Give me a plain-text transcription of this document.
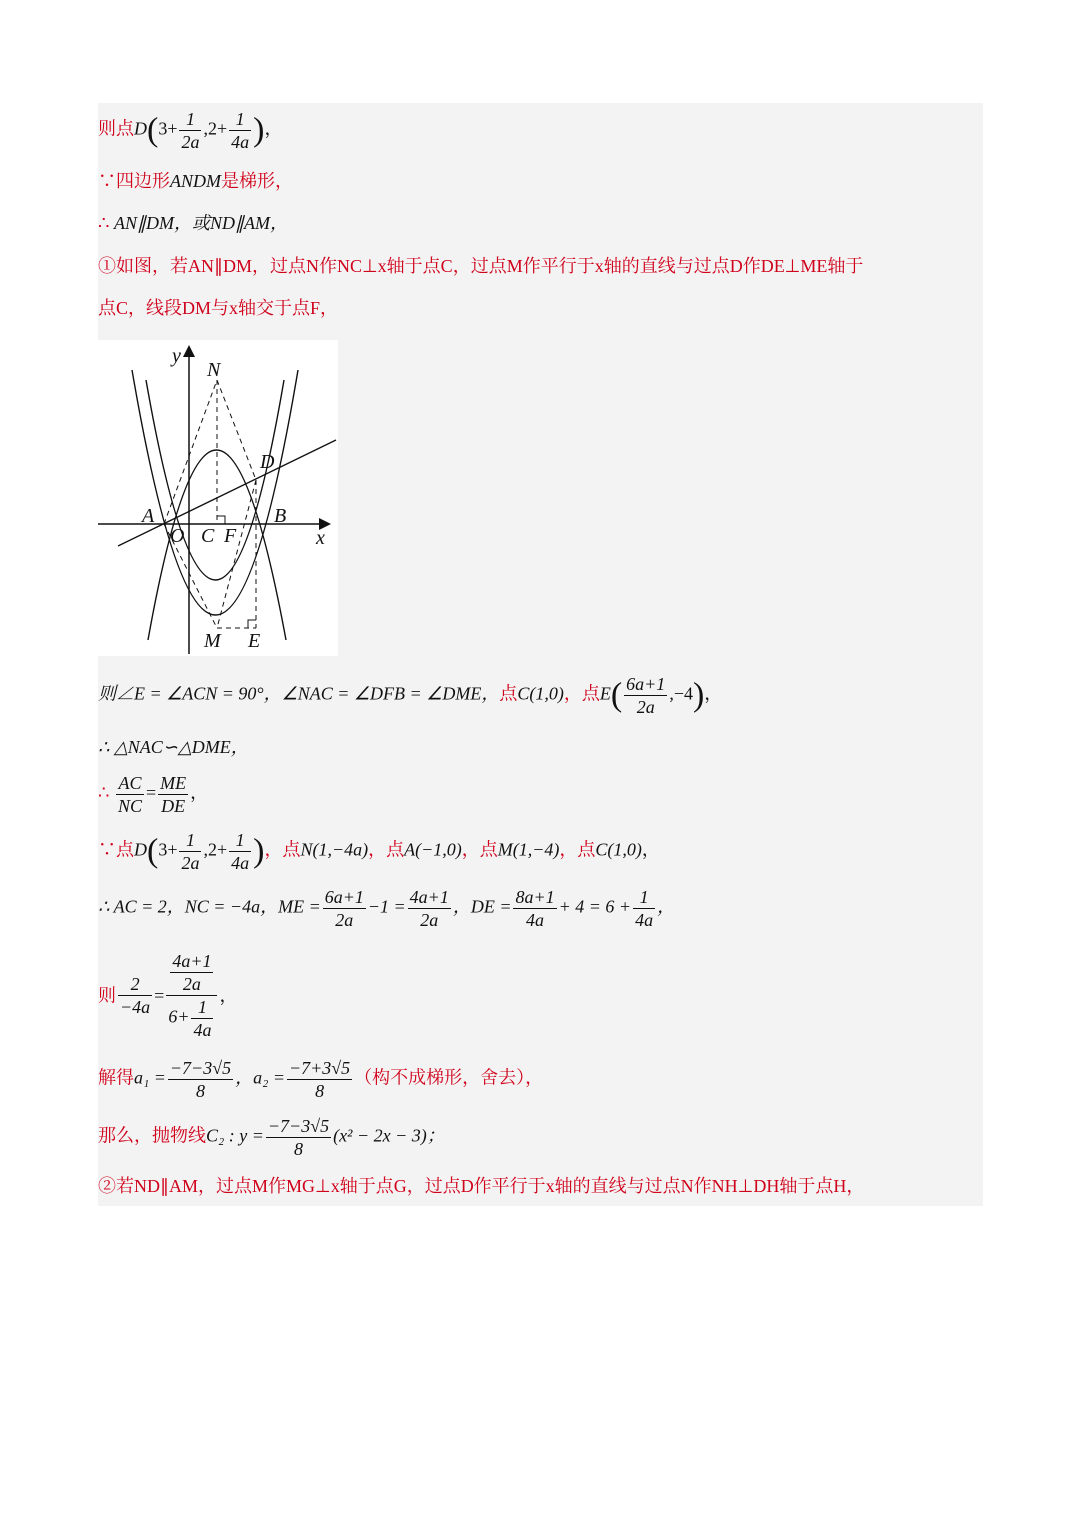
则点$D(3+ \frac{1}{2a} ,2+ \frac{1}{4a}$ )，
∵四边形ANDM是梯形，
∴ AN∥DM，或ND∥AM，
①如图，若AN∥DM，过点N作NC⊥x轴于点C，过点M作平行于x轴的直线与过点D作DE⊥ME轴于
点C，线段DM与x轴交于点F，
y
N
D
A
O C F
B
x
M E
则∠E = ∠ACN = 90°，∠NAC = ∠DFB = ∠DME，点C(1,0)，点$E( \frac{6a+1}{2a} ,-4)$，
∴ △NAC∽△DME，
∴ $\frac{AC}{NC} = \frac{ME}{DE}$ ，
∵点$D(3+ \frac{1}{2a} ,2+ \frac{1}{4a}$ )，点N(1,−4a)，点A(−1,0)，点M(1,−4)，点C(1,0)，
∴ AC = 2，NC = −4a，ME = $\frac{6a+1}{2a} -1 = \frac{4a+1}{2a}$ ，DE = $\frac{8a+1}{4a} + 4 = 6 + \frac{1}{4a}$ ，
则 $\frac{2}{-4a} = \frac{\frac{4a+1}{2a}}{6+ \frac{1}{4a}}$ ，
解得$a_1 = \frac{-7-3√5}{8}$ ，$a_2 = \frac{-7+3√5}{8}$ （构不成梯形，舍去），
那么，抛物线C₂ : $y = \frac{-7-3√5}{8} (x^2 - 2x - 3)$；
②若ND∥AM，过点M作MG⊥x轴于点G，过点D作平行于x轴的直线与过点N作NH⊥DH轴于点H，
